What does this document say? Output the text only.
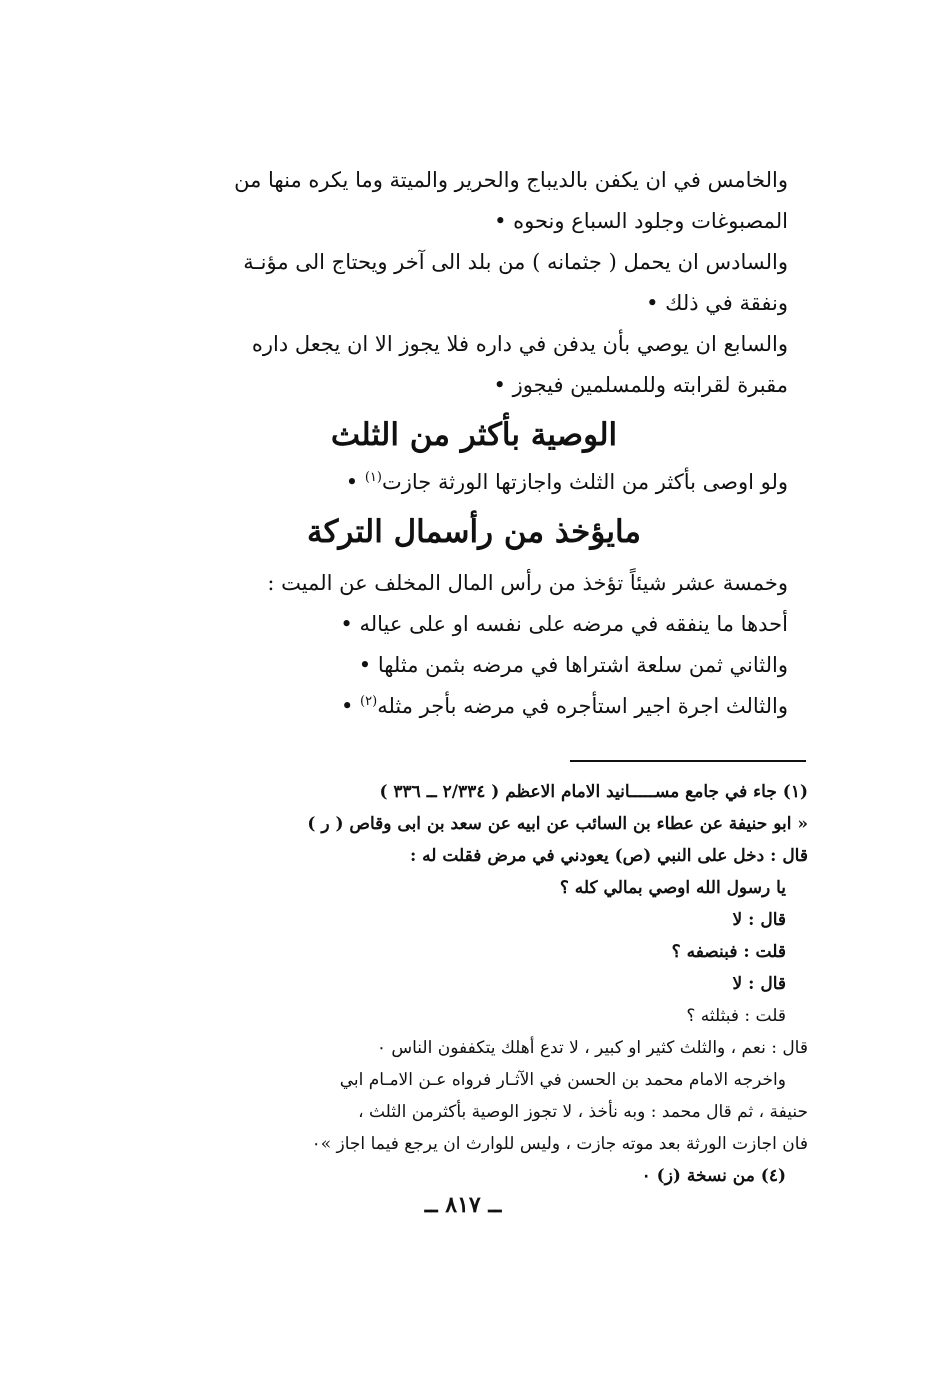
والخامس في ان يكفن بالديباج والحرير والميتة وما يكره منها من
المصبوغات وجلود السباع ونحوه •

والسادس ان يحمل ( جثمانه ) من بلد الى آخر ويحتاج الى مؤنـة
ونفقة في ذلك •

والسابع ان يوصي بأن يدفن في داره فلا يجوز الا ان يجعل داره
مقبرة لقرابته وللمسلمين فيجوز •

الوصية بأكثر من الثلث

ولو اوصى بأكثر من الثلث واجازتها الورثة جازت$^{(١)}$ •

مايؤخذ من رأسمال التركة

وخمسة عشر شيئاً تؤخذ من رأس المال المخلف عن الميت :

أحدها ما ينفقه في مرضه على نفسه او على عياله •

والثاني ثمن سلعة اشتراها في مرضه بثمن مثلها •

والثالث اجرة اجير استأجره في مرضه بأجر مثله$^{(٢)}$ •

(١) جاء في جامع مســـــانيد الامام الاعظم ( ٢/٣٣٤ ــ ٣٣٦ )

« ابو حنيفة عن عطاء بن السائب عن ابيه عن سعد بن ابى وقاص ( ر )

قال : دخل على النبي (ص) يعودني في مرض فقلت له :

يا رسول الله اوصي بمالي كله ؟

قال : لا

قلت : فبنصفه ؟

قال : لا

قلت : فبثلثه ؟

قال : نعم ، والثلث كثير او كبير ، لا تدع أهلك يتكففون الناس ٠

واخرجه الامام محمد بن الحسن في الآثـار فرواه عـن الامـام ابي

حنيفة ، ثم قال محمد : وبه نأخذ ، لا تجوز الوصية بأكثرمن الثلث ،

فان اجازت الورثة بعد موته جازت ، وليس للوارث ان يرجع فيما اجاز »٠

(٤) من نسخة (ز) ٠

ــ ٨١٧ ــ
